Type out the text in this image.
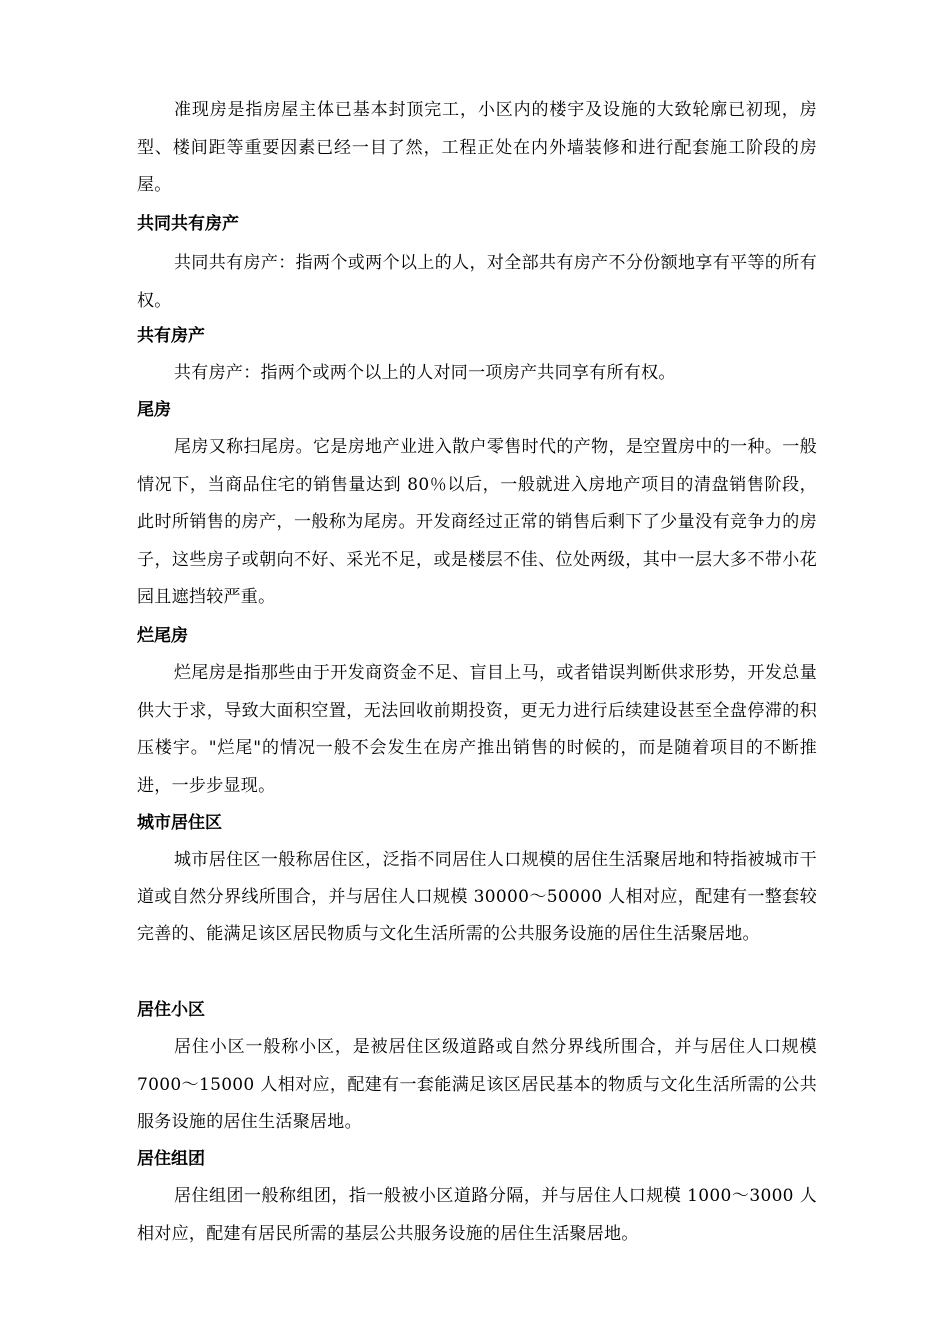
准现房是指房屋主体已基本封顶完工，小区内的楼宇及设施的大致轮廓已初现，房型、楼间距等重要因素已经一目了然，工程正处在内外墙装修和进行配套施工阶段的房屋。

共同共有房产

共同共有房产：指两个或两个以上的人，对全部共有房产不分份额地享有平等的所有权。

共有房产

共有房产：指两个或两个以上的人对同一项房产共同享有所有权。

尾房

尾房又称扫尾房。它是房地产业进入散户零售时代的产物，是空置房中的一种。一般情况下，当商品住宅的销售量达到 80％以后，一般就进入房地产项目的清盘销售阶段，此时所销售的房产，一般称为尾房。开发商经过正常的销售后剩下了少量没有竞争力的房子，这些房子或朝向不好、采光不足，或是楼层不佳、位处两级，其中一层大多不带小花园且遮挡较严重。

烂尾房

烂尾房是指那些由于开发商资金不足、盲目上马，或者错误判断供求形势，开发总量供大于求，导致大面积空置，无法回收前期投资，更无力进行后续建设甚至全盘停滞的积压楼宇。"烂尾"的情况一般不会发生在房产推出销售的时候的，而是随着项目的不断推进，一步步显现。

城市居住区

城市居住区一般称居住区，泛指不同居住人口规模的居住生活聚居地和特指被城市干道或自然分界线所围合，并与居住人口规模 30000～50000 人相对应，配建有一整套较完善的、能满足该区居民物质与文化生活所需的公共服务设施的居住生活聚居地。

居住小区

居住小区一般称小区，是被居住区级道路或自然分界线所围合，并与居住人口规模 7000～15000 人相对应，配建有一套能满足该区居民基本的物质与文化生活所需的公共服务设施的居住生活聚居地。

居住组团

居住组团一般称组团，指一般被小区道路分隔，并与居住人口规模 1000～3000 人相对应，配建有居民所需的基层公共服务设施的居住生活聚居地。
